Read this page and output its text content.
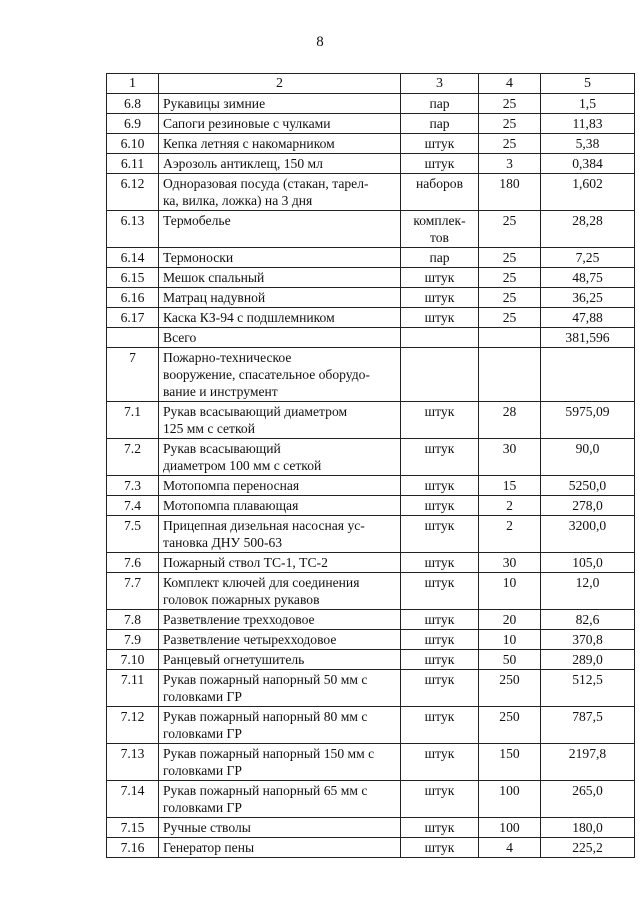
8
1	2	3	4	5
6.8	Рукавицы зимние	пар	25	1,5
6.9	Сапоги резиновые с чулками	пар	25	11,83
6.10	Кепка летняя с накомарником	штук	25	5,38
6.11	Аэрозоль антиклещ, 150 мл	штук	3	0,384
6.12	Одноразовая посуда (стакан, тарел-
ка, вилка, ложка) на 3 дня	наборов	180	1,602
6.13	Термобелье	комплек-
тов	25	28,28
6.14	Термоноски	пар	25	7,25
6.15	Мешок спальный	штук	25	48,75
6.16	Матрац надувной	штук	25	36,25
6.17	Каска КЗ-94 с подшлемником	штук	25	47,88
	Всего			381,596
7	Пожарно-техническое
вооружение, спасательное оборудо-
вание и инструмент			
7.1	Рукав всасывающий диаметром
125 мм с сеткой	штук	28	5975,09
7.2	Рукав всасывающий
диаметром 100 мм с сеткой	штук	30	90,0
7.3	Мотопомпа переносная	штук	15	5250,0
7.4	Мотопомпа плавающая	штук	2	278,0
7.5	Прицепная дизельная насосная ус-
тановка ДНУ 500-63	штук	2	3200,0
7.6	Пожарный ствол ТС-1, ТС-2	штук	30	105,0
7.7	Комплект ключей для соединения
головок пожарных рукавов	штук	10	12,0
7.8	Разветвление трехходовое	штук	20	82,6
7.9	Разветвление четырехходовое	штук	10	370,8
7.10	Ранцевый огнетушитель	штук	50	289,0
7.11	Рукав пожарный напорный 50 мм с
головками ГР	штук	250	512,5
7.12	Рукав пожарный напорный 80 мм с
головками ГР	штук	250	787,5
7.13	Рукав пожарный напорный 150 мм с
головками ГР	штук	150	2197,8
7.14	Рукав пожарный напорный 65 мм с
головками ГР	штук	100	265,0
7.15	Ручные стволы	штук	100	180,0
7.16	Генератор пены	штук	4	225,2
